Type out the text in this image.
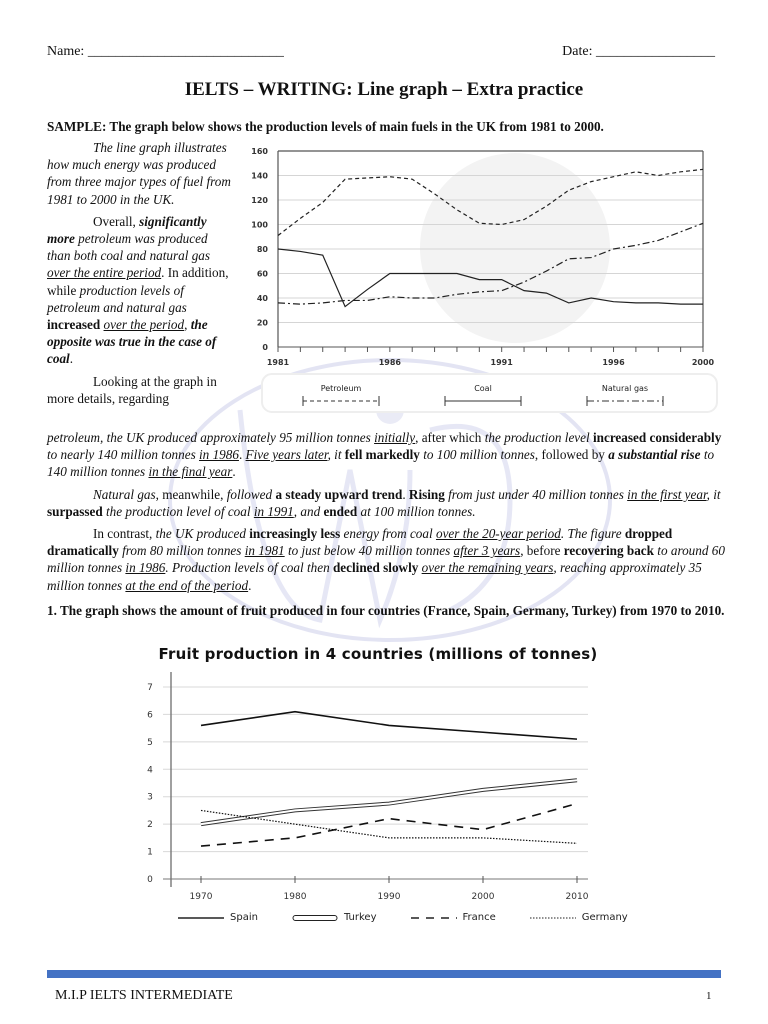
Name: ____________________________	Date: _________________
IELTS – WRITING: Line graph – Extra practice
SAMPLE: The graph below shows the production levels of main fuels in the UK from 1981 to 2000.

The line graph illustrates how much energy was produced from three major types of fuel from 1981 to 2000 in the UK.

Overall, significantly more petroleum was produced than both coal and natural gas over the entire period. In addition, while production levels of petroleum and natural gas increased over the period, the opposite was true in the case of coal.

Looking at the graph in more details, regarding

petroleum, the UK produced approximately 95 million tonnes initially, after which the production level increased considerably to nearly 140 million tonnes in 1986. Five years later, it fell markedly to 100 million tonnes, followed by a substantial rise to 140 million tonnes in the final year.

Natural gas, meanwhile, followed a steady upward trend. Rising from just under 40 million tonnes in the first year, it surpassed the production level of coal in 1991, and ended at 100 million tonnes.

In contrast, the UK produced increasingly less energy from coal over the 20-year period. The figure dropped dramatically from 80 million tonnes in 1981 to just below 40 million tonnes after 3 years, before recovering back to around 60 million tonnes in 1986. Production levels of coal then declined slowly over the remaining years, reaching approximately 35 million tonnes at the end of the period.

0
20
40
60
80
100
120
140
160
1981	1986	1991	1996	2000
Petroleum	Coal	Natural gas
1. The graph shows the amount of fruit produced in four countries (France, Spain, Germany, Turkey) from 1970 to 2010.
Fruit production in 4 countries (millions of tonnes)
0
1
2
3
4
5
6
7
1970	1980	1990	2000	2010
Spain	Turkey	France	Germany
M.I.P IELTS INTERMEDIATE	1
